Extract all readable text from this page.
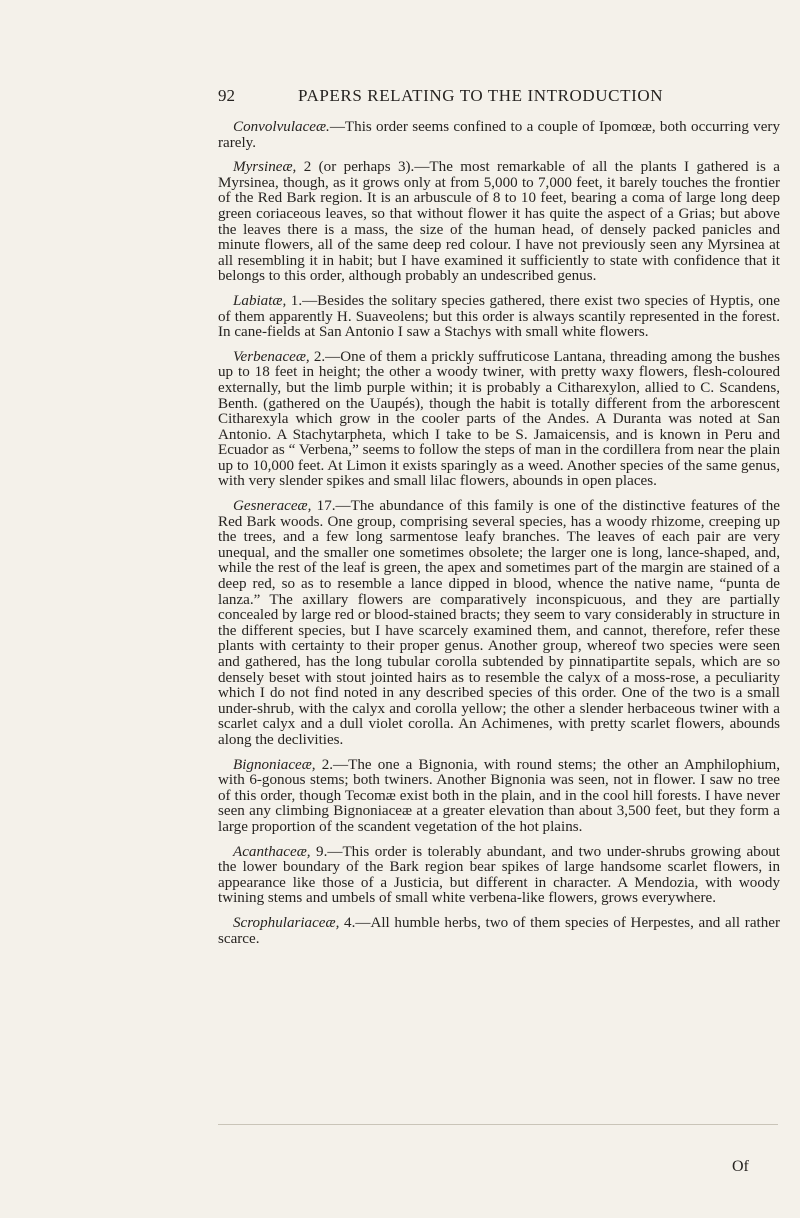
92	PAPERS RELATING TO THE INTRODUCTION

Convolvulaceæ.—This order seems confined to a couple of Ipomœæ, both occurring very rarely.

Myrsineæ, 2 (or perhaps 3).—The most remarkable of all the plants I gathered is a Myrsinea, though, as it grows only at from 5,000 to 7,000 feet, it barely touches the frontier of the Red Bark region. It is an arbuscule of 8 to 10 feet, bearing a coma of large long deep green coriaceous leaves, so that without flower it has quite the aspect of a Grias; but above the leaves there is a mass, the size of the human head, of densely packed panicles and minute flowers, all of the same deep red colour. I have not previously seen any Myrsinea at all resembling it in habit; but I have examined it sufficiently to state with confidence that it belongs to this order, although probably an undescribed genus.

Labiatæ, 1.—Besides the solitary species gathered, there exist two species of Hyptis, one of them apparently H. Suaveolens; but this order is always scantily represented in the forest. In cane-fields at San Antonio I saw a Stachys with small white flowers.

Verbenaceæ, 2.—One of them a prickly suffruticose Lantana, threading among the bushes up to 18 feet in height; the other a woody twiner, with pretty waxy flowers, flesh-coloured externally, but the limb purple within; it is probably a Citharexylon, allied to C. Scandens, Benth. (gathered on the Uaupés), though the habit is totally different from the arborescent Citharexyla which grow in the cooler parts of the Andes. A Duranta was noted at San Antonio. A Stachytarpheta, which I take to be S. Jamaicensis, and is known in Peru and Ecuador as “ Verbena,” seems to follow the steps of man in the cordillera from near the plain up to 10,000 feet. At Limon it exists sparingly as a weed. Another species of the same genus, with very slender spikes and small lilac flowers, abounds in open places.

Gesneraceæ, 17.—The abundance of this family is one of the distinctive features of the Red Bark woods. One group, comprising several species, has a woody rhizome, creeping up the trees, and a few long sarmentose leafy branches. The leaves of each pair are very unequal, and the smaller one sometimes obsolete; the larger one is long, lance-shaped, and, while the rest of the leaf is green, the apex and sometimes part of the margin are stained of a deep red, so as to resemble a lance dipped in blood, whence the native name, “punta de lanza.” The axillary flowers are comparatively inconspicuous, and they are partially concealed by large red or blood-stained bracts; they seem to vary considerably in structure in the different species, but I have scarcely examined them, and cannot, therefore, refer these plants with certainty to their proper genus. Another group, whereof two species were seen and gathered, has the long tubular corolla subtended by pinnatipartite sepals, which are so densely beset with stout jointed hairs as to resemble the calyx of a moss-rose, a peculiarity which I do not find noted in any described species of this order. One of the two is a small under-shrub, with the calyx and corolla yellow; the other a slender herbaceous twiner with a scarlet calyx and a dull violet corolla. An Achimenes, with pretty scarlet flowers, abounds along the declivities.

Bignoniaceæ, 2.—The one a Bignonia, with round stems; the other an Amphilophium, with 6-gonous stems; both twiners. Another Bignonia was seen, not in flower. I saw no tree of this order, though Tecomæ exist both in the plain, and in the cool hill forests. I have never seen any climbing Bignoniaceæ at a greater elevation than about 3,500 feet, but they form a large proportion of the scandent vegetation of the hot plains.

Acanthaceæ, 9.—This order is tolerably abundant, and two under-shrubs growing about the lower boundary of the Bark region bear spikes of large handsome scarlet flowers, in appearance like those of a Justicia, but different in character. A Mendozia, with woody twining stems and umbels of small white verbena-like flowers, grows everywhere.

Scrophulariaceæ, 4.—All humble herbs, two of them species of Herpestes, and all rather scarce.

Of
